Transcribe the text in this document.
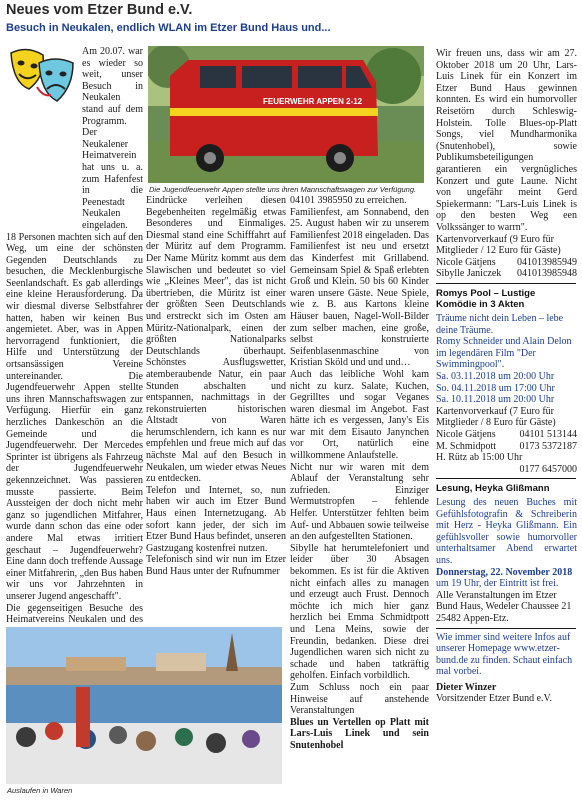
Neues vom Etzer Bund e.V.
Besuch in Neukalen, endlich WLAN im Etzer Bund Haus und...

Am 20.07. war es wieder so weit, unser Besuch in Neukalen stand auf dem Programm. Der Neukalener Heimatverein hat uns u. a. zum Hafenfest in die Peenestadt Neukalen eingeladen.

18 Personen machten sich auf den Weg, um eine der schönsten Gegenden Deutschlands zu besuchen, die Mecklenburgische Seenlandschaft. Es gab allerdings eine kleine Herausforderung. Da wir diesmal diverse Selbstfahrer hatten, haben wir keinen Bus angemietet. Aber, was in Appen hervorragend funktioniert, die Hilfe und Unterstützung der ortsansässigen Vereine untereinander. Die Jugendfeuerwehr Appen stellte uns ihren Mannschaftswagen zur Verfügung. Hierfür ein ganz herzliches Dankeschön an die Gemeinde und die Jugendfeuerwehr. Der Mercedes Sprinter ist übrigens als Fahrzeug der Jugendfeuerwehr gekennzeichnet. Was passieren musste passierte. Beim Aussteigen der doch nicht mehr ganz so jugendlichen Mitfahrer, wurde dann schon das eine oder andere Mal etwas irritiert geschaut – Jugendfeuerwehr? Eine dann doch treffende Aussage einer Mitfahrerin, „den Bus haben wir uns vor Jahrzehnten in unserer Jugend angeschafft".

Die gegenseitigen Besuche des Heimatvereins Neukalen und des

FEUERWEHR APPEN 2-12
Die Jugendfeuerwehr Appen stellte uns ihren Mannschaftswagen zur Verfügung.

Eindrücke verleihen diesen Begebenheiten regelmäßig etwas Besonderes und Einmaliges. Diesmal stand eine Schifffahrt auf der Müritz auf dem Programm. Der Name Müritz kommt aus dem Slawischen und bedeutet so viel wie „Kleines Meer", das ist nicht übertrieben, die Müritz ist einer der größten Seen Deutschlands und erstreckt sich im Osten am Müritz-Nationalpark, einen der größten Nationalparks Deutschlands überhaupt. Schönstes Ausflugswetter, atemberaubende Natur, ein paar Stunden abschalten und entspannen, nachmittags in der rekonstruierten historischen Altstadt von Waren herumschlendern, ich kann es nur empfehlen und freue mich auf das nächste Mal auf den Besuch in Neukalen, um wieder etwas Neues zu entdecken.

Telefon und Internet, so, nun haben wir auch im Etzer Bund Haus einen Internetzugang. Ab sofort kann jeder, der sich im Etzer Bund Haus befindet, unseren Gastzugang kostenfrei nutzen.

Telefonisch sind wir nun im Etzer Bund Haus unter der Rufnummer

04101 3985950 zu erreichen.

Familienfest, am Sonnabend, den 25. August haben wir zu unserem Familienfest 2018 eingeladen. Das Familienfest ist neu und ersetzt das Kinderfest mit Grillabend. Gemeinsam Spiel & Spaß erlebten Groß und Klein. 50 bis 60 Kinder waren unsere Gäste. Neue Spiele, wie z. B. aus Kartons kleine Häuser bauen, Nagel-Woll-Bilder zum selber machen, eine große, selbst konstruierte Seifenblasenmaschine von Kristian Sköld und und und…

Auch das leibliche Wohl kam nicht zu kurz. Salate, Kuchen, Gegrilltes und sogar Veganes waren diesmal im Angebot. Fast hätte ich es vergessen, Jany's Eis war mit dem Eisauto Janynchen vor Ort, natürlich eine willkommene Anlaufstelle.

Nicht nur wir waren mit dem Ablauf der Veranstaltung sehr zufrieden. Einziger Wermutstropfen – fehlende Helfer. Unterstützer fehlten beim Auf- und Abbauen sowie teilweise an den aufgestellten Stationen.

Sibylle hat herumtelefoniert und leider über 30 Absagen bekommen. Es ist für die Aktiven nicht einfach alles zu managen und erzeugt auch Frust. Dennoch möchte ich mich hier ganz herzlich bei Emma Schmidtpott und Lena Meins, sowie der Freundin, bedanken. Diese drei Jugendlichen waren sich nicht zu schade und haben tatkräftig geholfen. Einfach vorbildlich.

Zum Schluss noch ein paar Hinweise auf anstehende Veranstaltungen

Blues un Vertellen op Platt mit Lars-Luis Linek und sein Snutenhobel

Wir freuen uns, dass wir am 27. Oktober 2018 um 20 Uhr, Lars-Luis Linek für ein Konzert im Etzer Bund Haus gewinnen konnten. Es wird ein humorvoller Reisetörn durch Schleswig-Holstein. Tolle Blues-op-Platt Songs, viel Mundharmonika (Snutenhobel), sowie Publikumsbeteiligungen garantieren ein vergnügliches Konzert und gute Laune. Nicht von ungefähr meint Gerd Spiekermann: "Lars-Luis Linek is op den besten Weg een Volkssänger to warrn".

Kartenvorverkauf (9 Euro für Mitglieder / 12 Euro für Gäste)

Nicole Gätjens 041013985949
Sibylle Janiczek 041013985948
Romys Pool – Lustige Komödie in 3 Akten

Träume nicht dein Leben – lebe deine Träume.

Romy Schneider und Alain Delon im legendären Film "Der Swimmingpool".

Sa. 03.11.2018 um 20:00 Uhr

So. 04.11.2018 um 17:00 Uhr

Sa. 10.11.2018 um 20:00 Uhr

Kartenvorverkauf (7 Euro für Mitglieder / 8 Euro für Gäste)

Nicole Gätjens 04101 513144
M. Schmidpott 0173 5372187
H. Rütz ab 15:00 Uhr
0177 6457000
Lesung, Heyka Glißmann

Lesung des neuen Buches mit Gefühlsfotografin & Schreiberin mit Herz - Heyka Glißmann. Ein gefühlsvoller sowie humorvoller unterhaltsamer Abend erwartet uns.

Donnerstag, 22. November 2018

um 19 Uhr, der Eintritt ist frei.

Alle Veranstaltungen im Etzer Bund Haus, Wedeler Chaussee 21 25482 Appen-Etz.

Wie immer sind weitere Infos auf unserer Homepage www.etzer-bund.de zu finden. Schaut einfach mal vorbei.

Dieter Winzer

Vorsitzender Etzer Bund e.V.

Auslaufen in Waren
